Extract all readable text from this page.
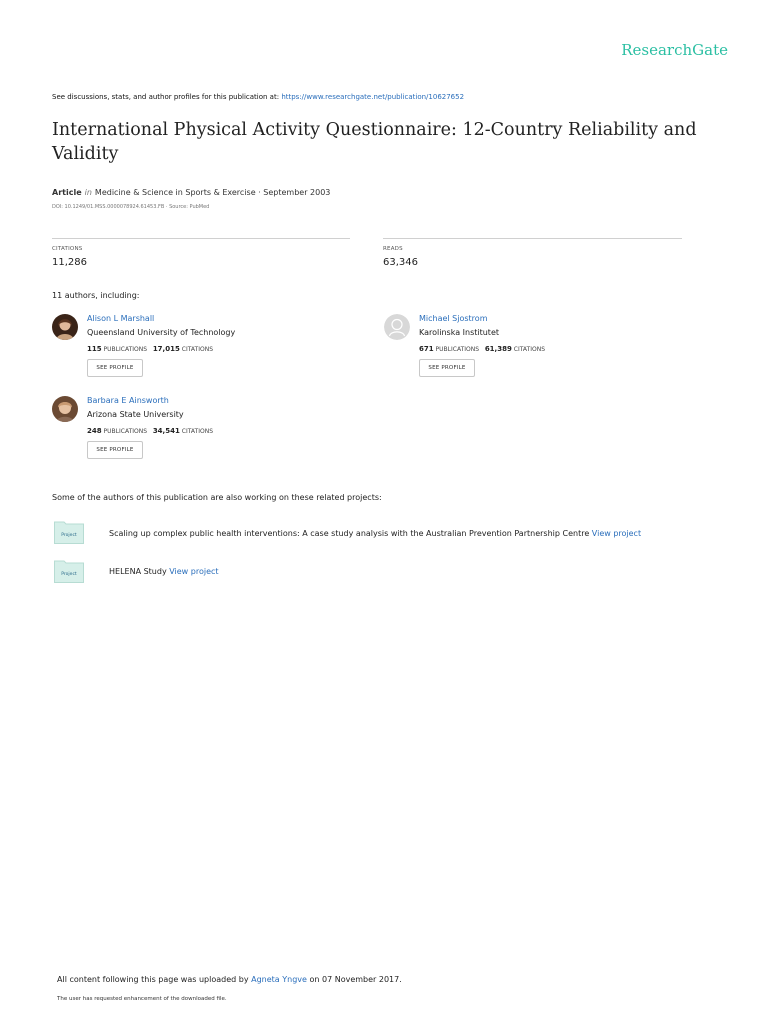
ResearchGate
See discussions, stats, and author profiles for this publication at: https://www.researchgate.net/publication/10627652
International Physical Activity Questionnaire: 12-Country Reliability and Validity
Article in Medicine & Science in Sports & Exercise · September 2003
DOI: 10.1249/01.MSS.0000078924.61453.FB · Source: PubMed
CITATIONS
11,286
READS
63,346
11 authors, including:
Alison L Marshall
Queensland University of Technology
115 PUBLICATIONS 17,015 CITATIONS
SEE PROFILE
Michael Sjostrom
Karolinska Institutet
671 PUBLICATIONS 61,389 CITATIONS
SEE PROFILE
Barbara E Ainsworth
Arizona State University
248 PUBLICATIONS 34,541 CITATIONS
SEE PROFILE
Some of the authors of this publication are also working on these related projects:
Project	Scaling up complex public health interventions: A case study analysis with the Australian Prevention Partnership Centre View project
Project	HELENA Study View project
All content following this page was uploaded by Agneta Yngve on 07 November 2017.
The user has requested enhancement of the downloaded file.
